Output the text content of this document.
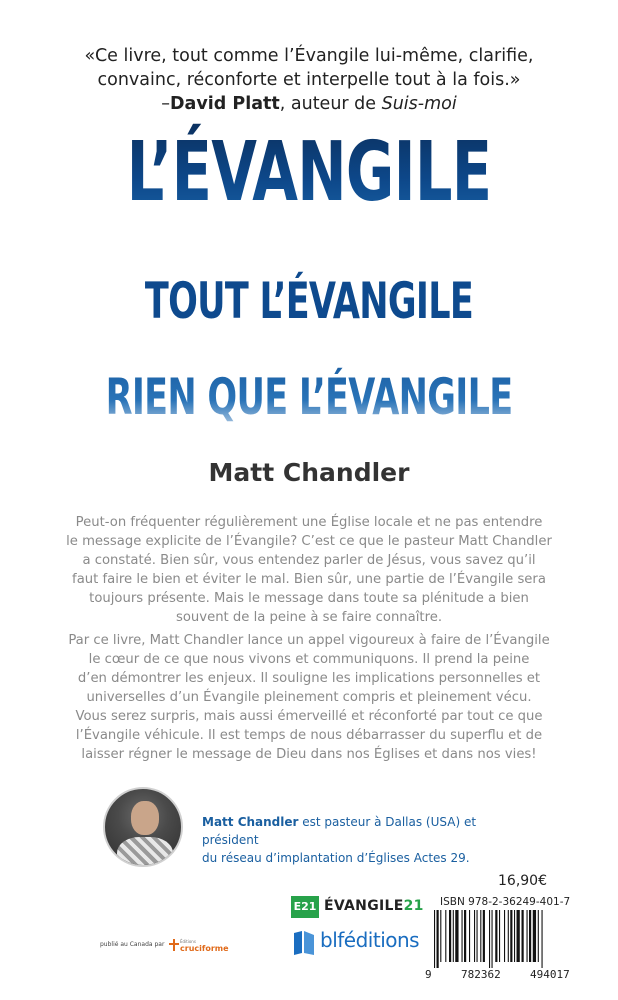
«Ce livre, tout comme l’Évangile lui-même, clarifie,
convainc, réconforte et interpelle tout à la fois.»
–David Platt, auteur de Suis-moi
L’ÉVANGILE
TOUT L’ÉVANGILE
RIEN QUE L’ÉVANGILE
Matt Chandler
Peut-on fréquenter régulièrement une Église locale et ne pas entendre
le message explicite de l’Évangile? C’est ce que le pasteur Matt Chandler
a constaté. Bien sûr, vous entendez parler de Jésus, vous savez qu’il
faut faire le bien et éviter le mal. Bien sûr, une partie de l’Évangile sera
toujours présente. Mais le message dans toute sa plénitude a bien
souvent de la peine à se faire connaître.
Par ce livre, Matt Chandler lance un appel vigoureux à faire de l’Évangile
le cœur de ce que nous vivons et communiquons. Il prend la peine
d’en démontrer les enjeux. Il souligne les implications personnelles et
universelles d’un Évangile pleinement compris et pleinement vécu.
Vous serez surpris, mais aussi émerveillé et réconforté par tout ce que
l’Évangile véhicule. Il est temps de nous débarrasser du superflu et de
laisser régner le message de Dieu dans nos Églises et dans nos vies!
Matt Chandler est pasteur à Dallas (USA) et président
du réseau d’implantation d’Églises Actes 29.
16,90€
E21 ÉVANGILE21
blféditions
ISBN 978-2-36249-401-7
9	782362	494017
publié au Canada par	Éditions
cruciforme
